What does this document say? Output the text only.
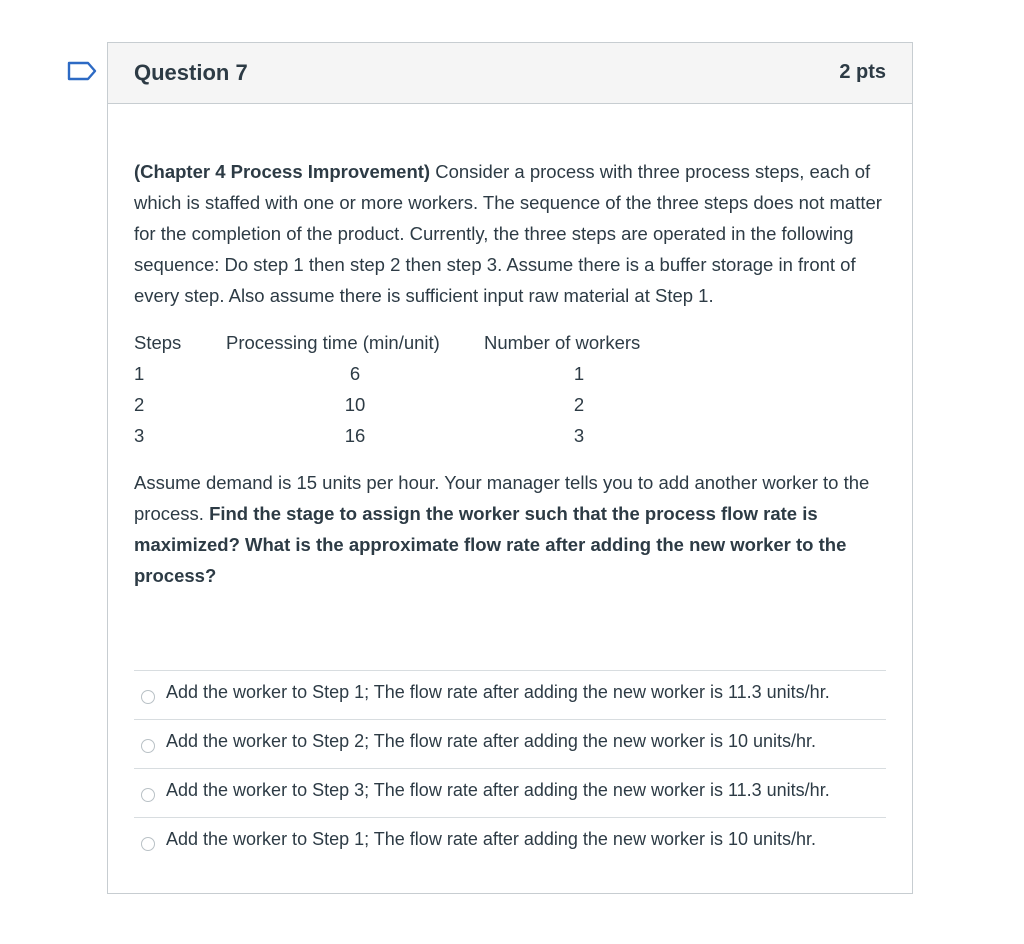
Question 7	2 pts

(Chapter 4 Process Improvement) Consider a process with three process steps, each of which is staffed with one or more workers. The sequence of the three steps does not matter for the completion of the product. Currently, the three steps are operated in the following sequence: Do step 1 then step 2 then step 3. Assume there is a buffer storage in front of every step. Also assume there is sufficient input raw material at Step 1.

Steps	Processing time (min/unit)	Number of workers
1	6	1
2	10	2
3	16	3

Assume demand is 15 units per hour. Your manager tells you to add another worker to the process. Find the stage to assign the worker such that the process flow rate is maximized? What is the approximate flow rate after adding the new worker to the process?

Add the worker to Step 1; The flow rate after adding the new worker is 11.3 units/hr.
Add the worker to Step 2; The flow rate after adding the new worker is 10 units/hr.
Add the worker to Step 3; The flow rate after adding the new worker is 11.3 units/hr.
Add the worker to Step 1; The flow rate after adding the new worker is 10 units/hr.
